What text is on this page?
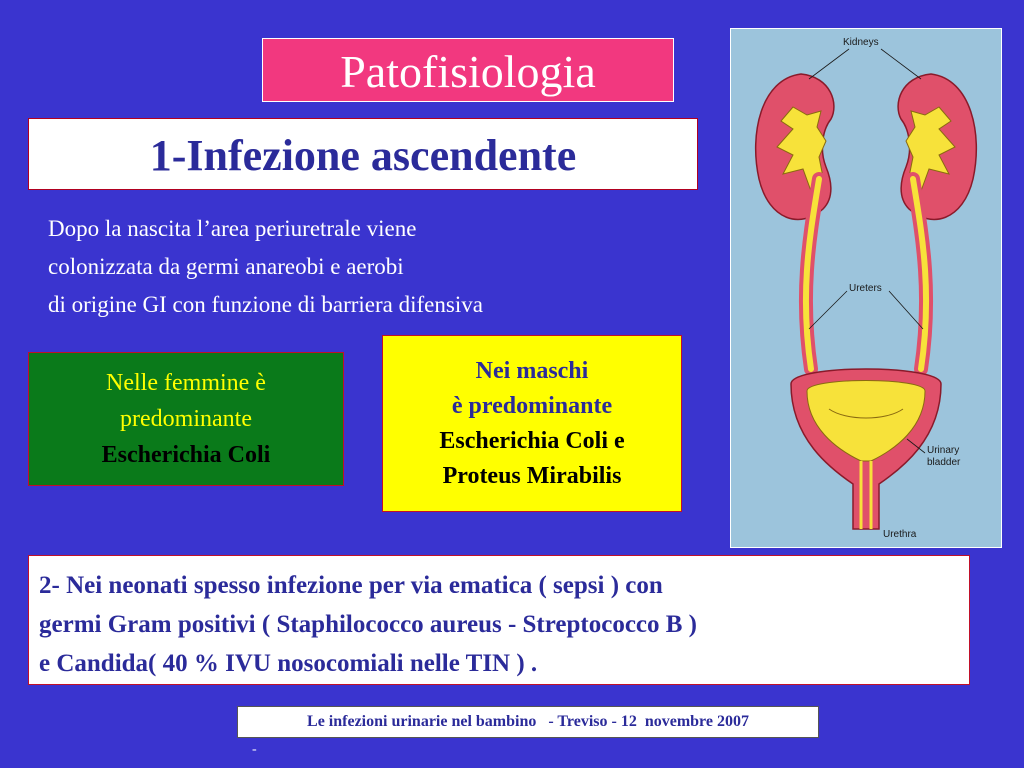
Patofisiologia
1-Infezione ascendente
Dopo la nascita l’area periuretrale viene
colonizzata da germi anareobi e aerobi
di origine GI con funzione di barriera difensiva
Nelle femmine è
predominante
Escherichia Coli
Nei maschi
è predominante
Escherichia Coli e
Proteus Mirabilis
Kidneys
Ureters
Urinary
bladder
Urethra
2- Nei neonati spesso infezione per via ematica ( sepsi ) con
germi Gram positivi ( Staphilococco aureus - Streptococco B )
e Candida( 40 % IVU nosocomiali nelle TIN ) .
Le infezioni urinarie nel bambino   - Treviso - 12  novembre 2007
-
